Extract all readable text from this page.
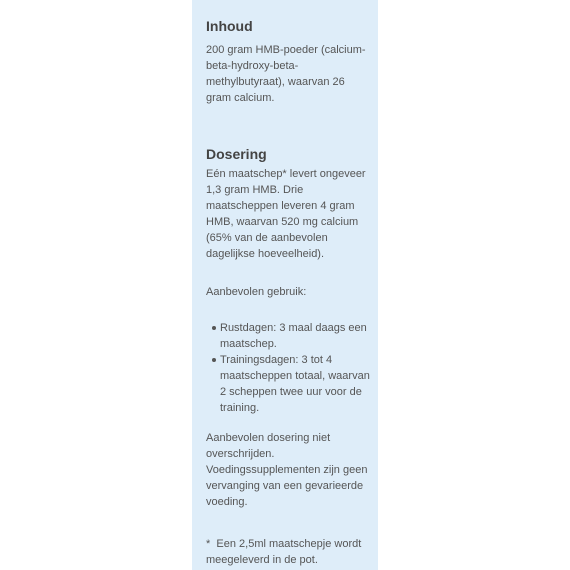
Inhoud

200 gram HMB-poeder (calcium-beta-hydroxy-beta-methylbutyraat), waarvan 26 gram calcium.

Dosering

Eén maatschep* levert ongeveer 1,3 gram HMB. Drie maatscheppen leveren 4 gram HMB, waarvan 520 mg calcium (65% van de aanbevolen dagelijkse hoeveelheid).

Aanbevolen gebruik:

Rustdagen: 3 maal daags een maatschep.
Trainingsdagen: 3 tot 4 maatscheppen totaal, waarvan 2 scheppen twee uur voor de training.

Aanbevolen dosering niet overschrijden. Voedingssupplementen zijn geen vervanging van een gevarieerde voeding.

*  Een 2,5ml maatschepje wordt meegeleverd in de pot.
